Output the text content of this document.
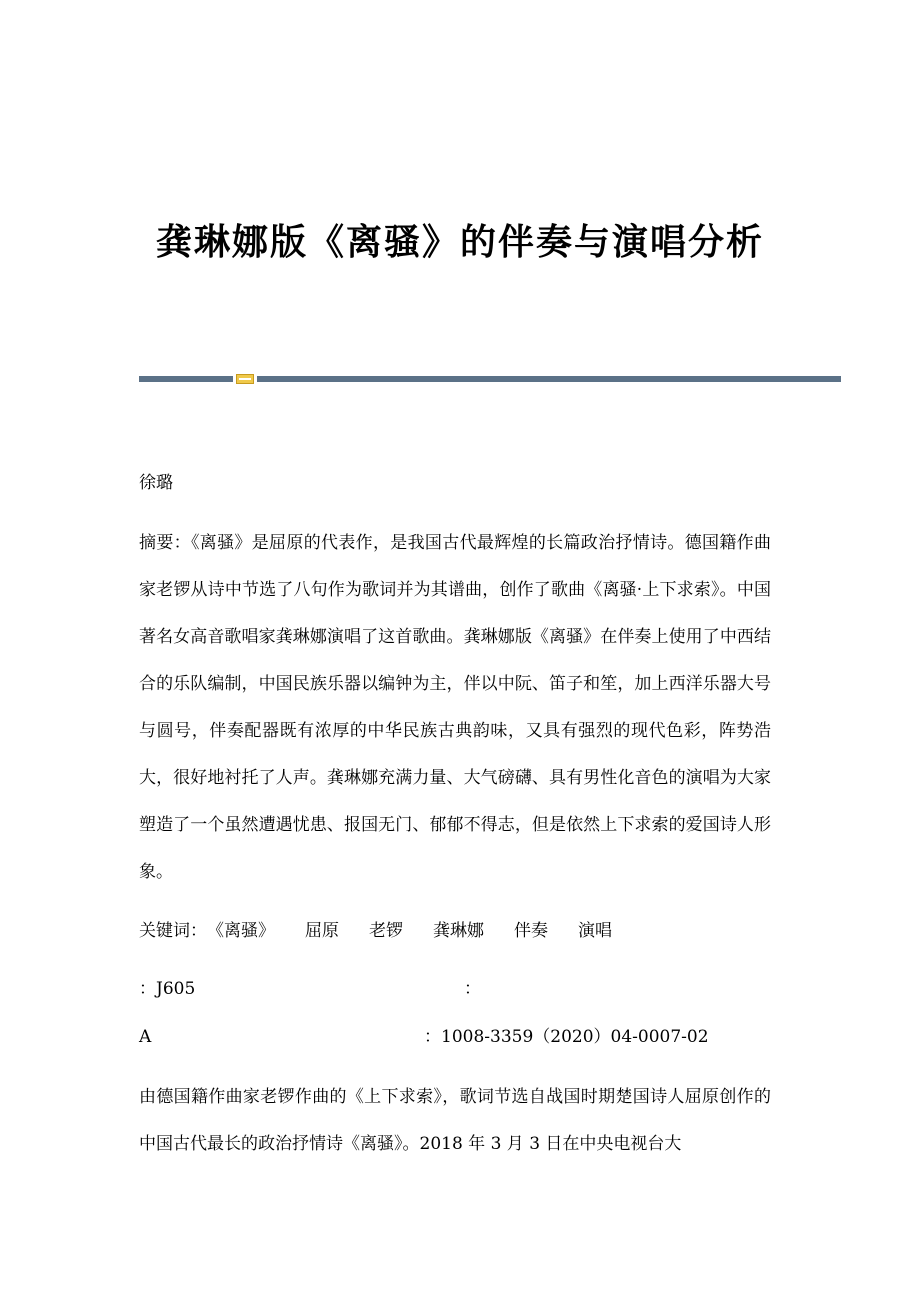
龚琳娜版《离骚》的伴奏与演唱分析

徐璐

摘要：《离骚》是屈原的代表作，是我国古代最辉煌的长篇政治抒情诗。德国籍作曲家老锣从诗中节选了八句作为歌词并为其谱曲，创作了歌曲《离骚·上下求索》。中国著名女高音歌唱家龚琳娜演唱了这首歌曲。龚琳娜版《离骚》在伴奏上使用了中西结合的乐队编制，中国民族乐器以编钟为主，伴以中阮、笛子和笙，加上西洋乐器大号与圆号，伴奏配器既有浓厚的中华民族古典韵味，又具有强烈的现代色彩，阵势浩大，很好地衬托了人声。龚琳娜充满力量、大气磅礴、具有男性化音色的演唱为大家塑造了一个虽然遭遇忧患、报国无门、郁郁不得志，但是依然上下求索的爱国诗人形象。

关键词：《离骚》 屈原 老锣 龚琳娜 伴奏 演唱
：J605	：
A	：1008-3359（2020）04-0007-02

由德国籍作曲家老锣作曲的《上下求索》，歌词节选自战国时期楚国诗人屈原创作的中国古代最长的政治抒情诗《离骚》。2018 年 3 月 3 日在中央电视台大
